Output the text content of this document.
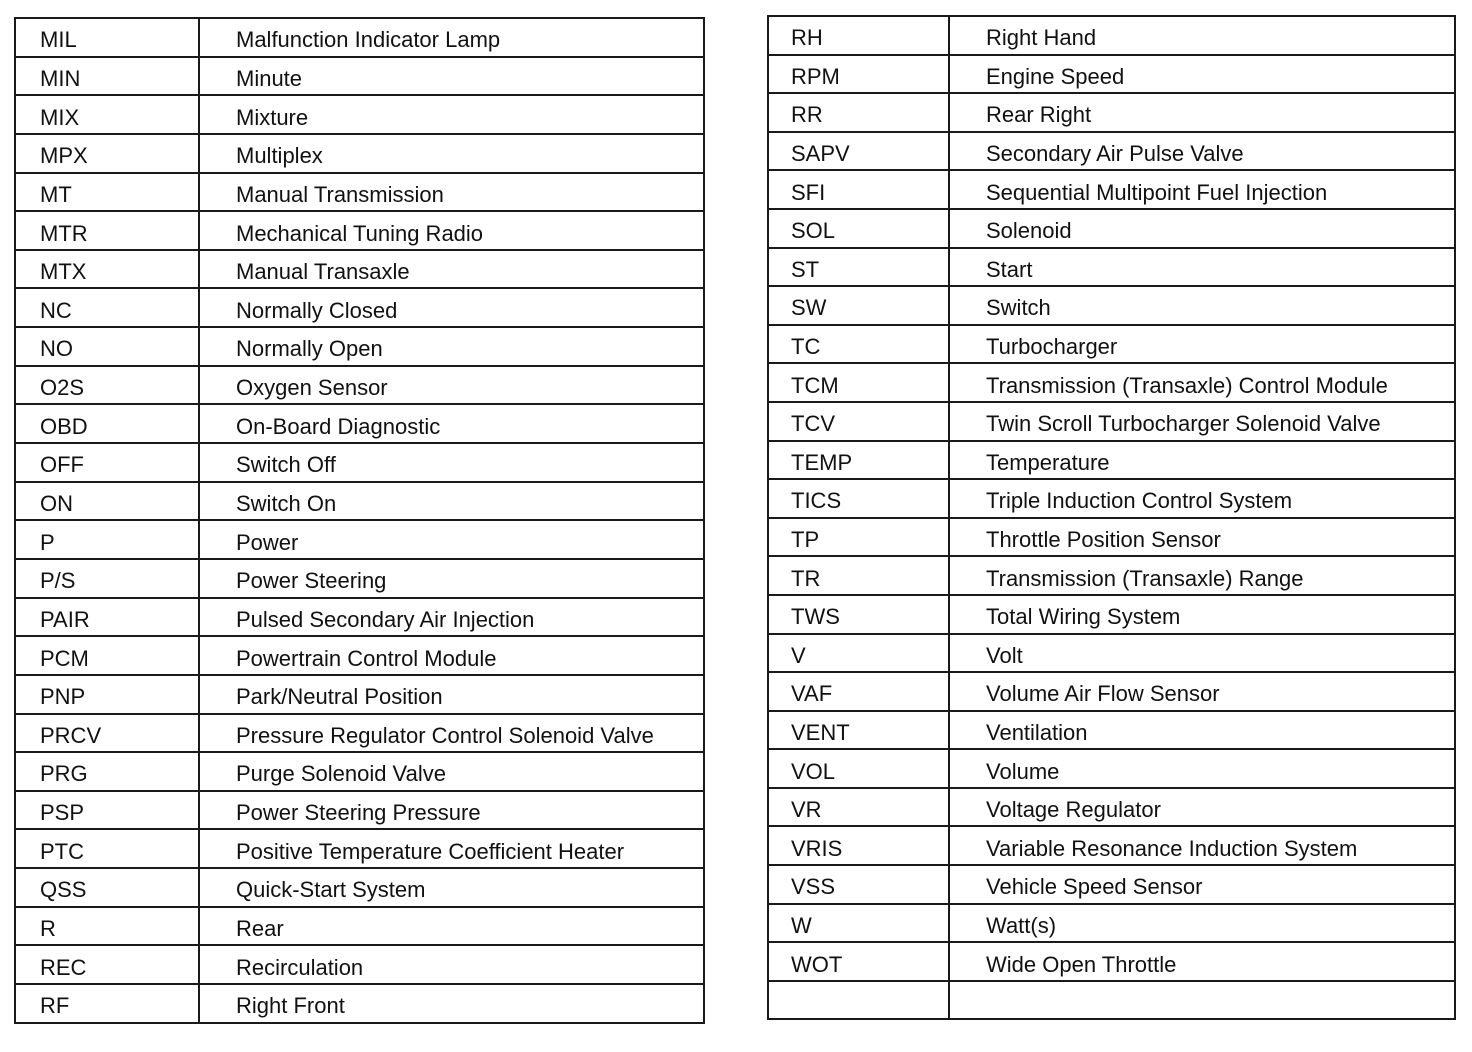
MIL	Malfunction Indicator Lamp
MIN	Minute
MIX	Mixture
MPX	Multiplex
MT	Manual Transmission
MTR	Mechanical Tuning Radio
MTX	Manual Transaxle
NC	Normally Closed
NO	Normally Open
O2S	Oxygen Sensor
OBD	On-Board Diagnostic
OFF	Switch Off
ON	Switch On
P	Power
P/S	Power Steering
PAIR	Pulsed Secondary Air Injection
PCM	Powertrain Control Module
PNP	Park/Neutral Position
PRCV	Pressure Regulator Control Solenoid Valve
PRG	Purge Solenoid Valve
PSP	Power Steering Pressure
PTC	Positive Temperature Coefficient Heater
QSS	Quick-Start System
R	Rear
REC	Recirculation
RF	Right Front
RH	Right Hand
RPM	Engine Speed
RR	Rear Right
SAPV	Secondary Air Pulse Valve
SFI	Sequential Multipoint Fuel Injection
SOL	Solenoid
ST	Start
SW	Switch
TC	Turbocharger
TCM	Transmission (Transaxle) Control Module
TCV	Twin Scroll Turbocharger Solenoid Valve
TEMP	Temperature
TICS	Triple Induction Control System
TP	Throttle Position Sensor
TR	Transmission (Transaxle) Range
TWS	Total Wiring System
V	Volt
VAF	Volume Air Flow Sensor
VENT	Ventilation
VOL	Volume
VR	Voltage Regulator
VRIS	Variable Resonance Induction System
VSS	Vehicle Speed Sensor
W	Watt(s)
WOT	Wide Open Throttle
